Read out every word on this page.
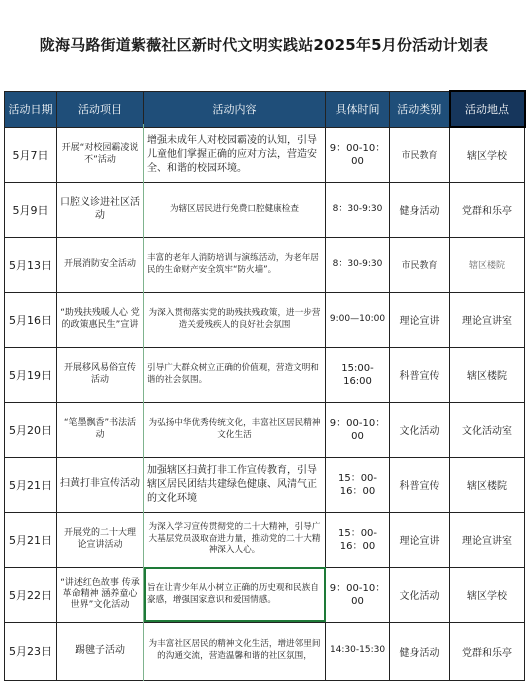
陇海马路街道紫薇社区新时代文明实践站2025年5月份活动计划表
活动日期	活动项目	活动内容	具体时间	活动类别	活动地点
5月7日	开展“对校园霸凌说不”活动	增强未成年人对校园霸凌的认知，引导儿童他们掌握正确的应对方法，营造安全、和谐的校园环境。	9：00-10：00	市民教育	辖区学校
5月9日	口腔义诊进社区活动	为辖区居民进行免费口腔健康检查	8：30-9:30	健身活动	党群和乐亭
5月13日	开展消防安全活动	丰富的老年人消防培训与演练活动，为老年居民的生命财产安全筑牢“防火墙”。	8：30-9:30	市民教育	辖区楼院
5月16日	“助残扶残暖人心 党的政策惠民生”宣讲	为深入贯彻落实党的助残扶残政策，进一步营造关爱残疾人的良好社会氛围	9:00—10:00	理论宣讲	理论宣讲室
5月19日	开展移风易俗宣传活动	引导广大群众树立正确的价值观，营造文明和谐的社会氛围。	15:00-16:00	科普宣传	辖区楼院
5月20日	“笔墨飘香”书法活动	为弘扬中华优秀传统文化，丰富社区居民精神文化生活	9：00-10：00	文化活动	文化活动室
5月21日	扫黄打非宣传活动	加强辖区扫黄打非工作宣传教育，引导辖区居民团结共建绿色健康、风清气正的文化环境	15：00-16：00	科普宣传	辖区楼院
5月21日	开展党的二十大理论宣讲活动	为深入学习宣传贯彻党的二十大精神，引导广大基层党员汲取奋进力量，推动党的二十大精神深入人心。	15：00-16：00	理论宣讲	理论宣讲室
5月22日	“讲述红色故事 传承革命精神 涵养童心世界”文化活动	旨在让青少年从小树立正确的历史观和民族自豪感，增强国家意识和爱国情感。	9：00-10：00	文化活动	辖区学校
5月23日	踢毽子活动	为丰富社区居民的精神文化生活，增进邻里间的沟通交流，营造温馨和谐的社区氛围，	14:30-15:30	健身活动	党群和乐亭
